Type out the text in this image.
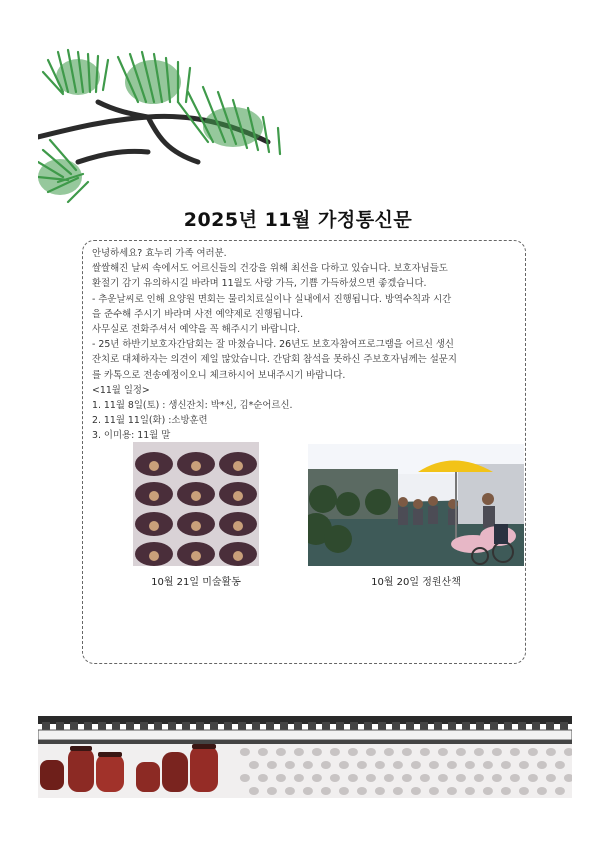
2025년 11월 가정통신문

안녕하세요? 효누리 가족 여러분.

쌀쌀해진 날씨 속에서도 어르신들의 건강을 위해 최선을 다하고 있습니다. 보호자님들도

환절기 감기 유의하시길 바라며 11월도 사랑 가득, 기쁨 가득하셨으면 좋겠습니다.

- 추운날씨로 인해 요양원 면회는 물리치료실이나 실내에서 진행됩니다. 방역수칙과 시간

을 준수해 주시기 바라며 사전 예약제로 진행됩니다.

사무실로 전화주셔서 예약을 꼭 해주시기 바랍니다.

- 25년 하반기보호자간담회는 잘 마쳤습니다. 26년도 보호자참여프로그램을 어르신 생신

잔치로 대체하자는 의견이 제일 많았습니다. 간담회 참석을 못하신 주보호자님께는 설문지

를 카톡으로 전송예정이오니 체크하시어 보내주시기 바랍니다.

<11월 일정>

1. 11월 8일(토) : 생신잔치: 박*신, 김*순어르신.

2. 11월 11일(화) :소방훈련

3. 이미용: 11월 말

10월 21일 미술활동	10월 20일 정원산책
